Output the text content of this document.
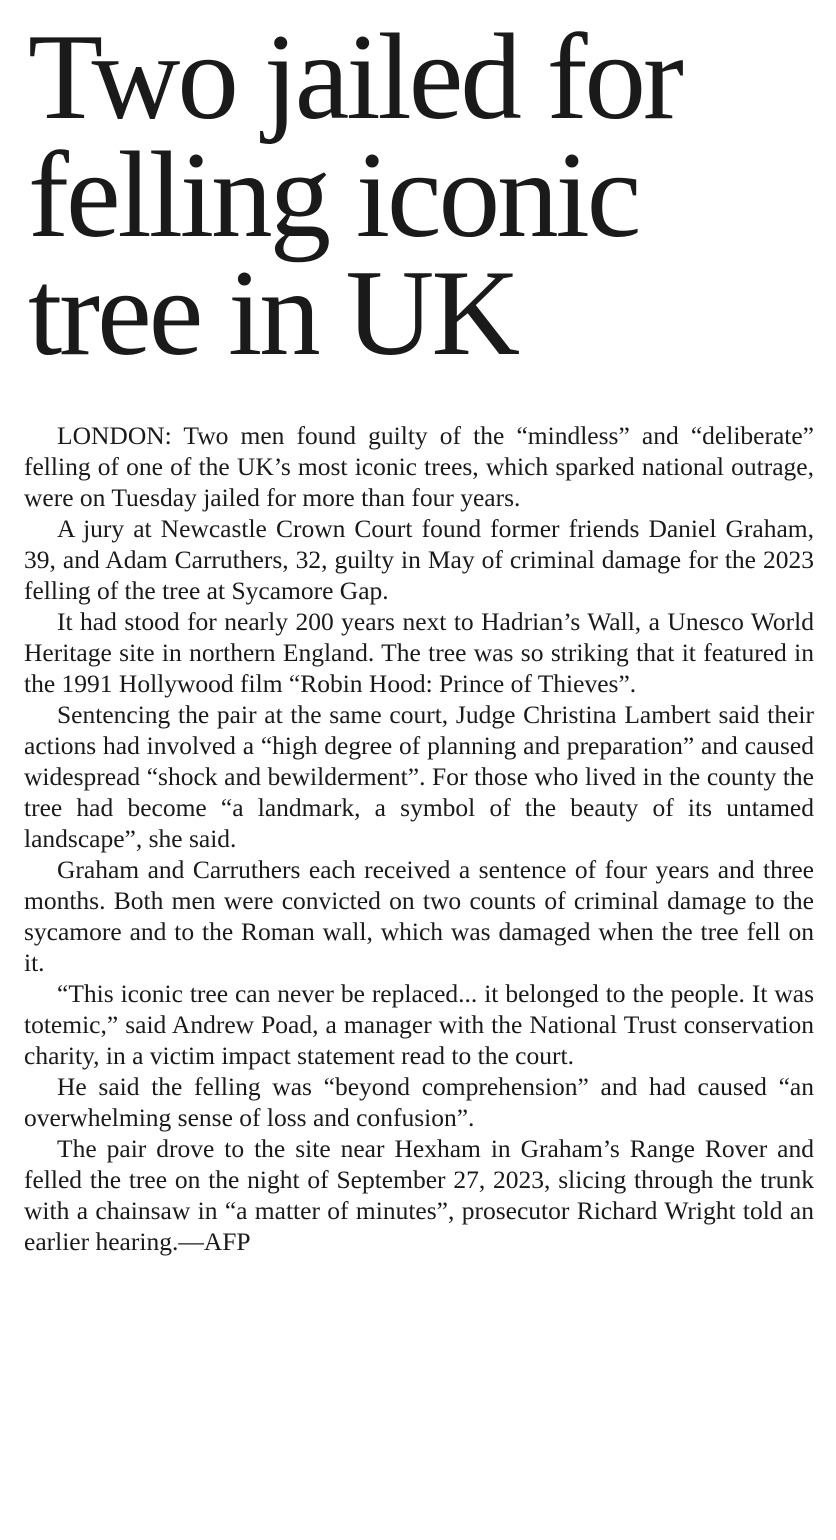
Two jailed for
felling iconic
tree in UK

LONDON: Two men found guilty of the “mindless” and “deliberate” felling of one of the UK’s most iconic trees, which sparked national outrage, were on Tuesday jailed for more than four years.

A jury at Newcastle Crown Court found former friends Daniel Graham, 39, and Adam Carruthers, 32, guilty in May of criminal damage for the 2023 felling of the tree at Sycamore Gap.

It had stood for nearly 200 years next to Hadrian’s Wall, a Unesco World Heritage site in northern England. The tree was so striking that it featured in the 1991 Hollywood film “Robin Hood: Prince of Thieves”.

Sentencing the pair at the same court, Judge Christina Lambert said their actions had involved a “high degree of planning and preparation” and caused widespread “shock and bewilderment”. For those who lived in the county the tree had become “a landmark, a symbol of the beauty of its untamed landscape”, she said.

Graham and Carruthers each received a sentence of four years and three months. Both men were convicted on two counts of criminal damage to the sycamore and to the Roman wall, which was damaged when the tree fell on it.

“This iconic tree can never be replaced... it belonged to the people. It was totemic,” said Andrew Poad, a manager with the National Trust conservation charity, in a victim impact statement read to the court.

He said the felling was “beyond comprehension” and had caused “an overwhelming sense of loss and confusion”.

The pair drove to the site near Hexham in Graham’s Range Rover and felled the tree on the night of September 27, 2023, slicing through the trunk with a chainsaw in “a matter of minutes”, prosecutor Richard Wright told an earlier hearing.—AFP
